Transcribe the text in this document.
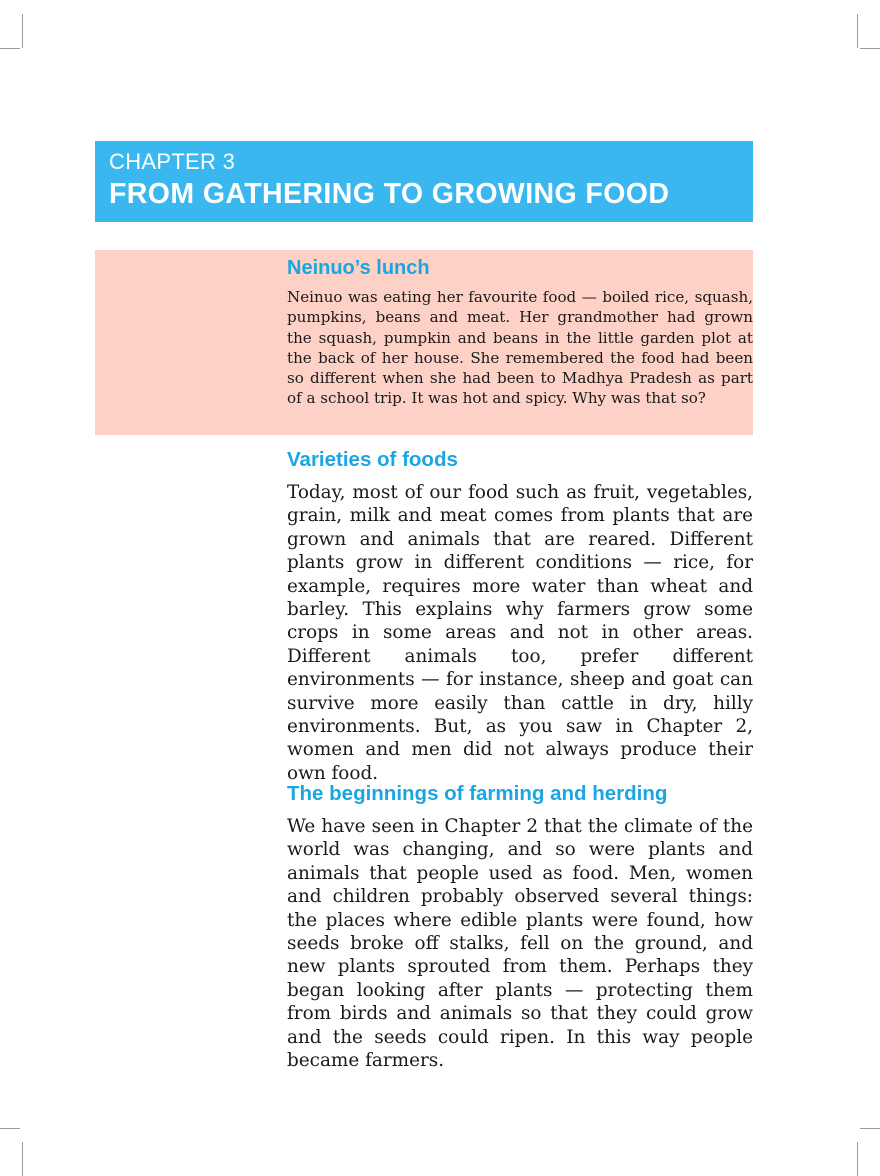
CHAPTER 3
FROM GATHERING TO GROWING FOOD
Neinuo’s lunch

Neinuo was eating her favourite food — boiled rice, squash, pumpkins, beans and meat. Her grandmother had grown the squash, pumpkin and beans in the little garden plot at the back of her house. She remembered the food had been so different when she had been to Madhya Pradesh as part of a school trip. It was hot and spicy. Why was that so?

Varieties of foods

Today, most of our food such as fruit, vegetables, grain, milk and meat comes from plants that are grown and animals that are reared. Different plants grow in different conditions — rice, for example, requires more water than wheat and barley. This explains why farmers grow some crops in some areas and not in other areas. Different animals too, prefer different environments — for instance, sheep and goat can survive more easily than cattle in dry, hilly environments. But, as you saw in Chapter 2, women and men did not always produce their own food.

The beginnings of farming and herding

We have seen in Chapter 2 that the climate of the world was changing, and so were plants and animals that people used as food. Men, women and children probably observed several things: the places where edible plants were found, how seeds broke off stalks, fell on the ground, and new plants sprouted from them. Perhaps they began looking after plants — protecting them from birds and animals so that they could grow and the seeds could ripen. In this way people became farmers.
